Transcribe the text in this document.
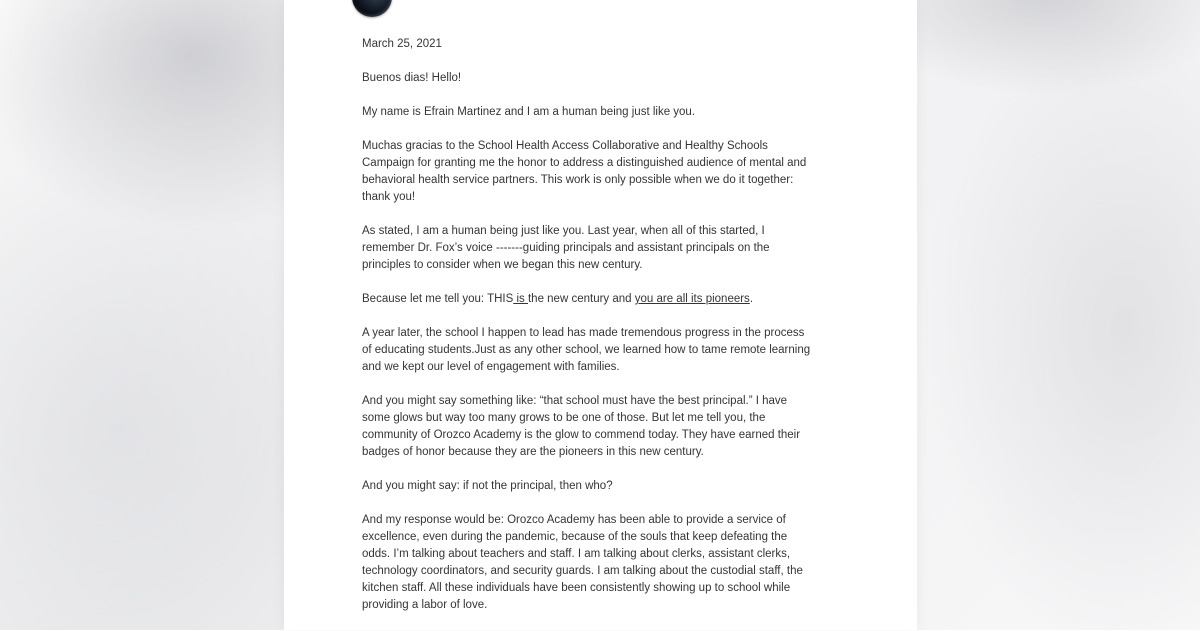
March 25, 2021

Buenos dias! Hello!

My name is Efrain Martinez and I am a human being just like you.

Muchas gracias to the School Health Access Collaborative and Healthy Schools
Campaign for granting me the honor to address a distinguished audience of mental and
behavioral health service partners. This work is only possible when we do it together:
thank you!

As stated, I am a human being just like you. Last year, when all of this started, I
remember Dr. Fox’s voice -------guiding principals and assistant principals on the
principles to consider when we began this new century.

Because let me tell you: THIS is the new century and you are all its pioneers.

A year later, the school I happen to lead has made tremendous progress in the process
of educating students.Just as any other school, we learned how to tame remote learning
and we kept our level of engagement with families.

And you might say something like: “that school must have the best principal.” I have
some glows but way too many grows to be one of those. But let me tell you, the
community of Orozco Academy is the glow to commend today. They have earned their
badges of honor because they are the pioneers in this new century.

And you might say: if not the principal, then who?

And my response would be: Orozco Academy has been able to provide a service of
excellence, even during the pandemic, because of the souls that keep defeating the
odds. I’m talking about teachers and staff. I am talking about clerks, assistant clerks,
technology coordinators, and security guards. I am talking about the custodial staff, the
kitchen staff. All these individuals have been consistently showing up to school while
providing a labor of love.
